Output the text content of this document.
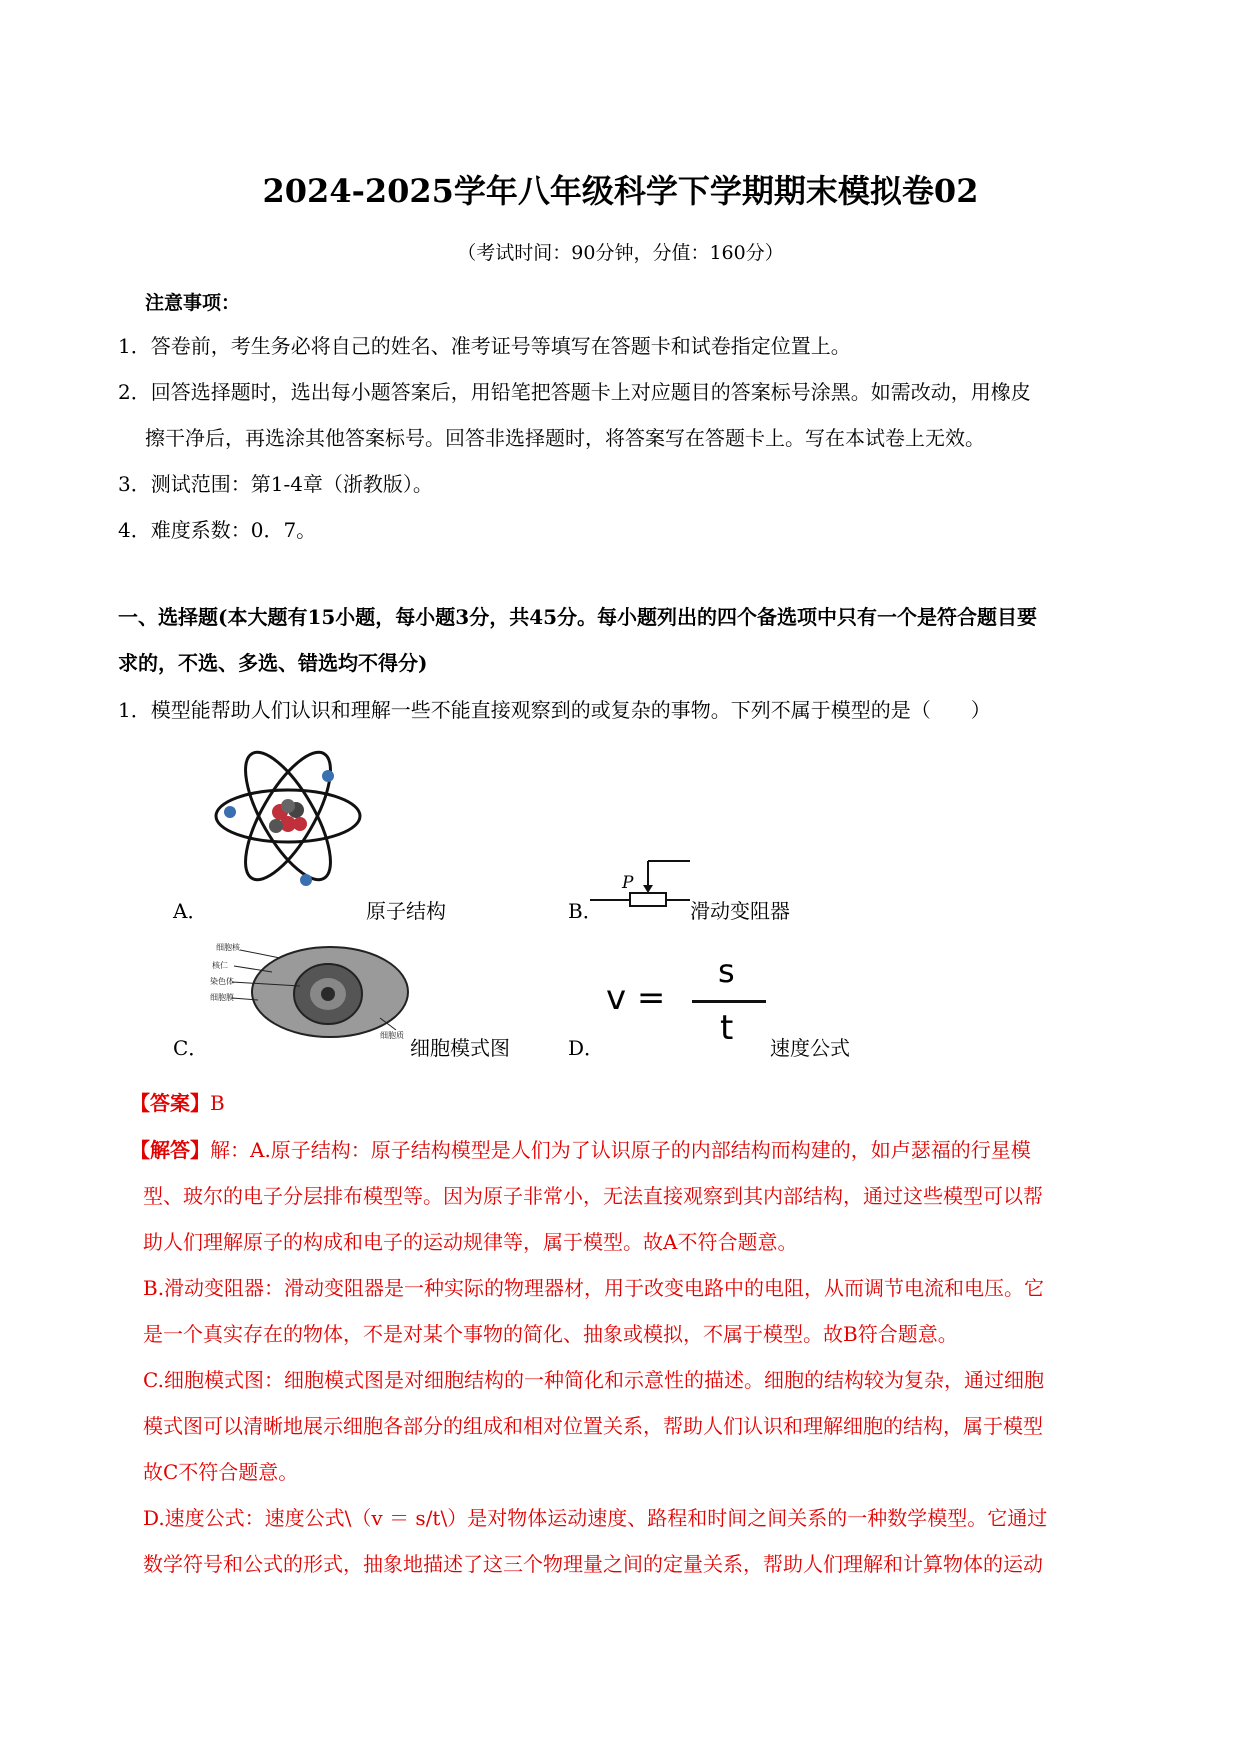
2024-2025学年八年级科学下学期期末模拟卷02
（考试时间：90分钟，分值：160分）
注意事项：
1．答卷前，考生务必将自己的姓名、准考证号等填写在答题卡和试卷指定位置上。
2．回答选择题时，选出每小题答案后，用铅笔把答题卡上对应题目的答案标号涂黑。如需改动，用橡皮
擦干净后，再选涂其他答案标号。回答非选择题时，将答案写在答题卡上。写在本试卷上无效。
3．测试范围：第1-4章（浙教版）。
4．难度系数：0．7。
一、选择题(本大题有15小题，每小题3分，共45分。每小题列出的四个备选项中只有一个是符合题目要
求的，不选、多选、错选均不得分)
1．模型能帮助人们认识和理解一些不能直接观察到的或复杂的事物。下列不属于模型的是（　　）
A．	原子结构
P
B．	滑动变阻器
细胞核
核仁
染色体
细胞膜
细胞质
C．	细胞模式图
v =
s
t
D．	速度公式
【答案】B
【解答】解：A.原子结构：原子结构模型是人们为了认识原子的内部结构而构建的，如卢瑟福的行星模
型、玻尔的电子分层排布模型等。因为原子非常小，无法直接观察到其内部结构，通过这些模型可以帮
助人们理解原子的构成和电子的运动规律等，属于模型。故A不符合题意。
B.滑动变阻器：滑动变阻器是一种实际的物理器材，用于改变电路中的电阻，从而调节电流和电压。它
是一个真实存在的物体，不是对某个事物的简化、抽象或模拟，不属于模型。故B符合题意。
C.细胞模式图：细胞模式图是对细胞结构的一种简化和示意性的描述。细胞的结构较为复杂，通过细胞
模式图可以清晰地展示细胞各部分的组成和相对位置关系，帮助人们认识和理解细胞的结构，属于模型
故C不符合题意。
D.速度公式：速度公式\（v ＝ s/t\）是对物体运动速度、路程和时间之间关系的一种数学模型。它通过
数学符号和公式的形式，抽象地描述了这三个物理量之间的定量关系，帮助人们理解和计算物体的运动
